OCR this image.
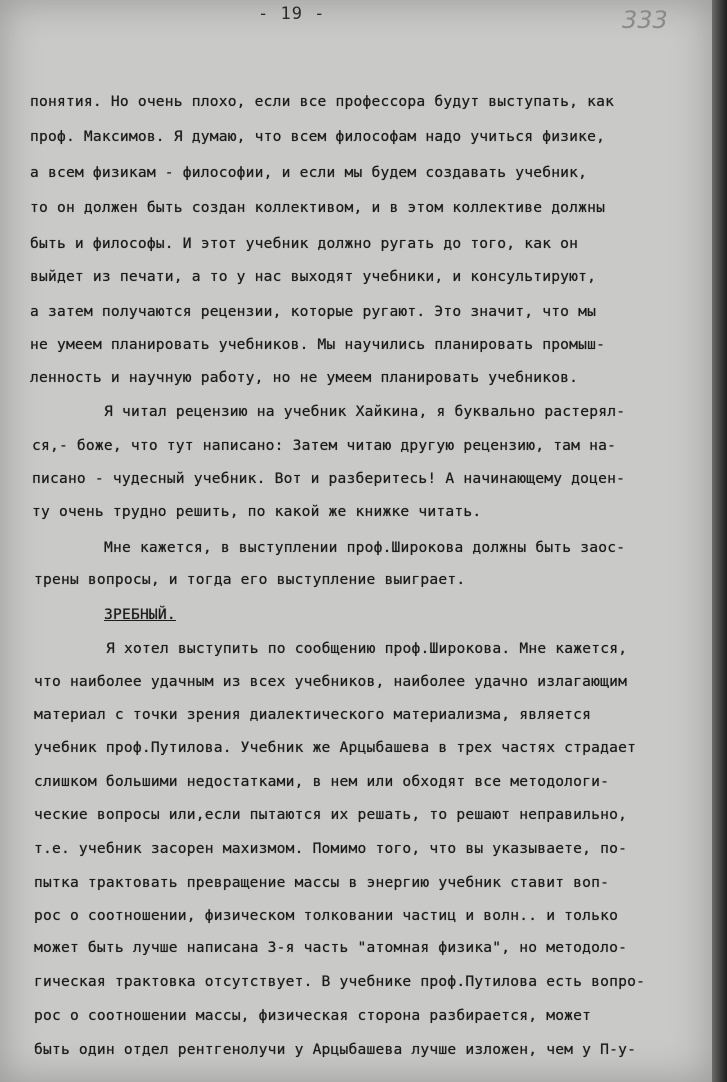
- 19 -	333
понятия. Но очень плохо, если все профессора будут выступать, как
проф. Максимов. Я думаю, что всем философам надо учиться физике,
а всем физикам - философии, и если мы будем создавать учебник,
то он должен быть создан коллективом, и в этом коллективе должны
быть и философы. И этот учебник должно ругать до того, как он
выйдет из печати, а то у нас выходят учебники, и консультируют,
а затем получаются рецензии, которые ругают. Это значит, что мы
не умеем планировать учебников. Мы научились планировать промыш-
ленность и научную работу, но не умеем планировать учебников.
Я читал рецензию на учебник Хайкина, я буквально растерял-
ся,- боже, что тут написано: Затем читаю другую рецензию, там на-
писано - чудесный учебник. Вот и разберитесь! А начинающему доцен-
ту очень трудно решить, по какой же книжке читать.
Мне кажется, в выступлении проф.Широкова должны быть заос-
трены вопросы, и тогда его выступление выиграет.
ЗРЕБНЫЙ.
Я хотел выступить по сообщению проф.Широкова. Мне кажется,
что наиболее удачным из всех учебников, наиболее удачно излагающим
материал с точки зрения диалектического материализма, является
учебник проф.Путилова. Учебник же Арцыбашева в трех частях страдает
слишком большими недостатками, в нем или обходят все методологи-
ческие вопросы или,если пытаются их решать, то решают неправильно,
т.е. учебник засорен махизмом. Помимо того, что вы указываете, по-
пытка трактовать превращение массы в энергию учебник ставит воп-
рос о соотношении, физическом толковании частиц и волн.. и только
может быть лучше написана 3-я часть "атомная физика", но методоло-
гическая трактовка отсутствует. В учебнике проф.Путилова есть вопро-
рос о соотношении массы, физическая сторона разбирается, может
быть один отдел рентгенолучи у Арцыбашева лучше изложен, чем у П-у-
